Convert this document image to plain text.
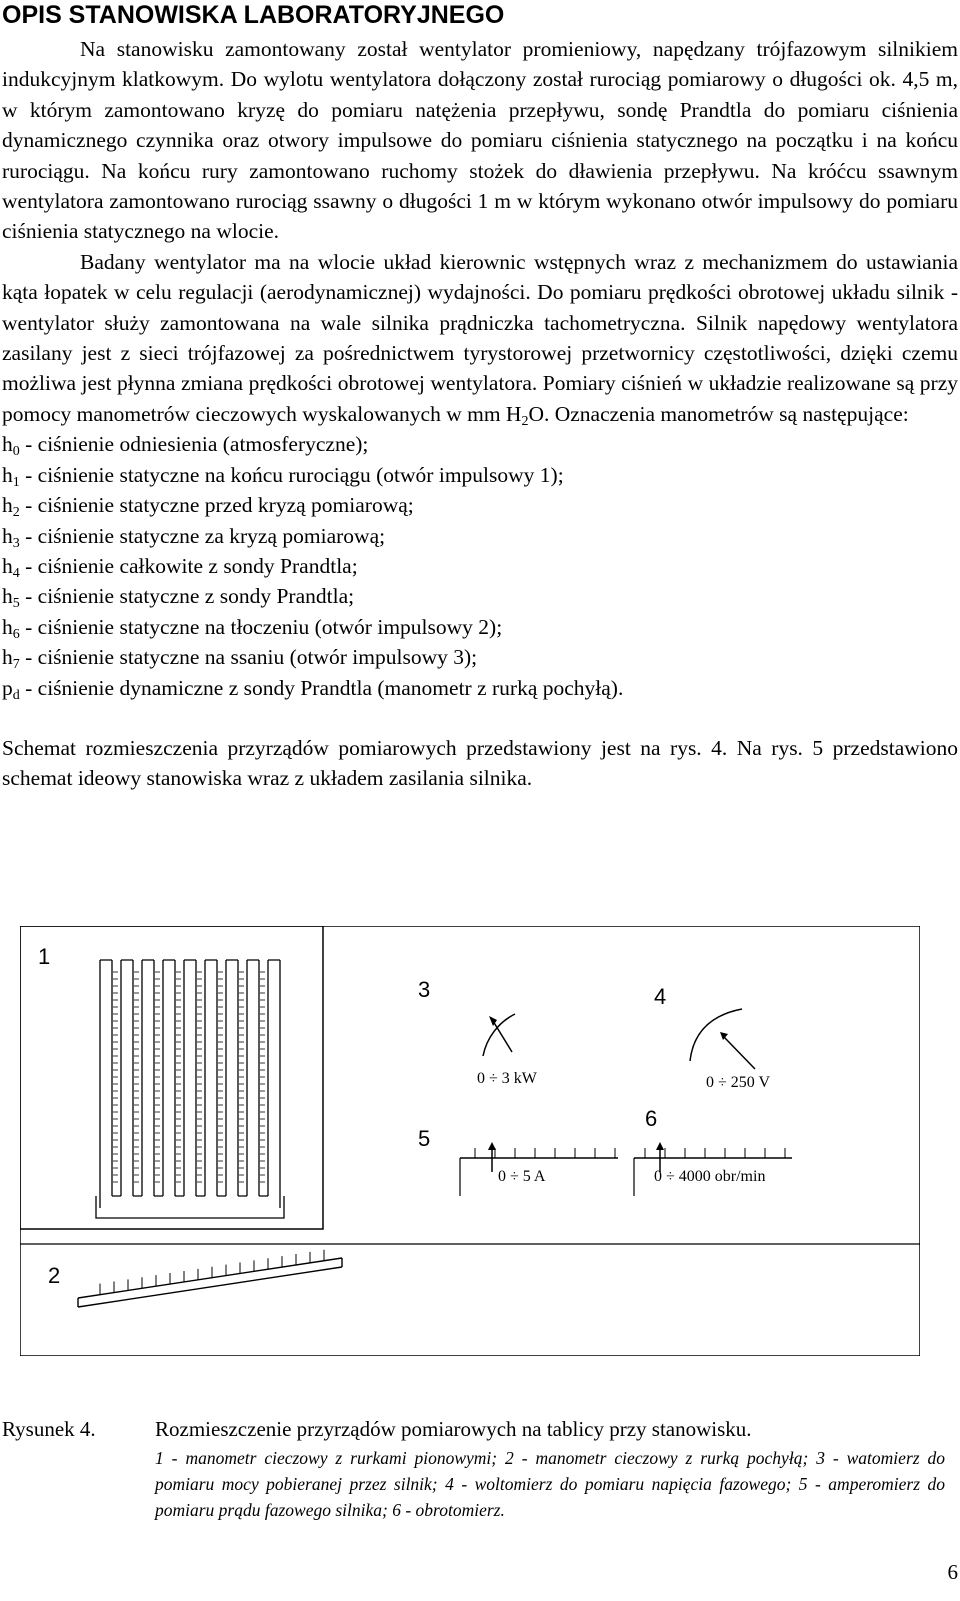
OPIS STANOWISKA LABORATORYJNEGO

Na stanowisku zamontowany został wentylator promieniowy, napędzany trójfazowym silnikiem indukcyjnym klatkowym. Do wylotu wentylatora dołączony został rurociąg pomiarowy o długości ok. 4,5 m, w którym zamontowano kryzę do pomiaru natężenia przepływu, sondę Prandtla do pomiaru ciśnienia dynamicznego czynnika oraz otwory impulsowe do pomiaru ciśnienia statycznego na początku i na końcu rurociągu. Na końcu rury zamontowano ruchomy stożek do dławienia przepływu. Na króćcu ssawnym wentylatora zamontowano rurociąg ssawny o długości 1 m w którym wykonano otwór impulsowy do pomiaru ciśnienia statycznego na wlocie.

Badany wentylator ma na wlocie układ kierownic wstępnych wraz z mechanizmem do ustawiania kąta łopatek w celu regulacji (aerodynamicznej) wydajności. Do pomiaru prędkości obrotowej układu silnik - wentylator służy zamontowana na wale silnika prądniczka tachometryczna. Silnik napędowy wentylatora zasilany jest z sieci trójfazowej za pośrednictwem tyrystorowej przetwornicy częstotliwości, dzięki czemu możliwa jest płynna zmiana prędkości obrotowej wentylatora. Pomiary ciśnień w układzie realizowane są przy pomocy manometrów cieczowych wyskalowanych w mm $H_2O$. Oznaczenia manometrów są następujące:

$h_0$ - ciśnienie odniesienia (atmosferyczne);
$h_1$ - ciśnienie statyczne na końcu rurociągu (otwór impulsowy 1);
$h_2$ - ciśnienie statyczne przed kryzą pomiarową;
$h_3$ - ciśnienie statyczne za kryzą pomiarową;
$h_4$ - ciśnienie całkowite z sondy Prandtla;
$h_5$ - ciśnienie statyczne z sondy Prandtla;
$h_6$ - ciśnienie statyczne na tłoczeniu (otwór impulsowy 2);
$h_7$ - ciśnienie statyczne na ssaniu (otwór impulsowy 3);
$p_d$ - ciśnienie dynamiczne z sondy Prandtla (manometr z rurką pochyłą).

Schemat rozmieszczenia przyrządów pomiarowych przedstawiony jest na rys. 4. Na rys. 5 przedstawiono schemat ideowy stanowiska wraz z układem zasilania silnika.

1
2
3
0 ÷ 3 kW
4
0 ÷ 250 V
5
0 ÷ 5 A
6
0 ÷ 4000 obr/min
Rysunek 4.	Rozmieszczenie przyrządów pomiarowych na tablicy przy stanowisku.
1 - manometr cieczowy z rurkami pionowymi; 2 - manometr cieczowy z rurką pochyłą; 3 - watomierz do pomiaru mocy pobieranej przez silnik; 4 - woltomierz do pomiaru napięcia fazowego; 5 - amperomierz do pomiaru prądu fazowego silnika; 6 - obrotomierz.
6
